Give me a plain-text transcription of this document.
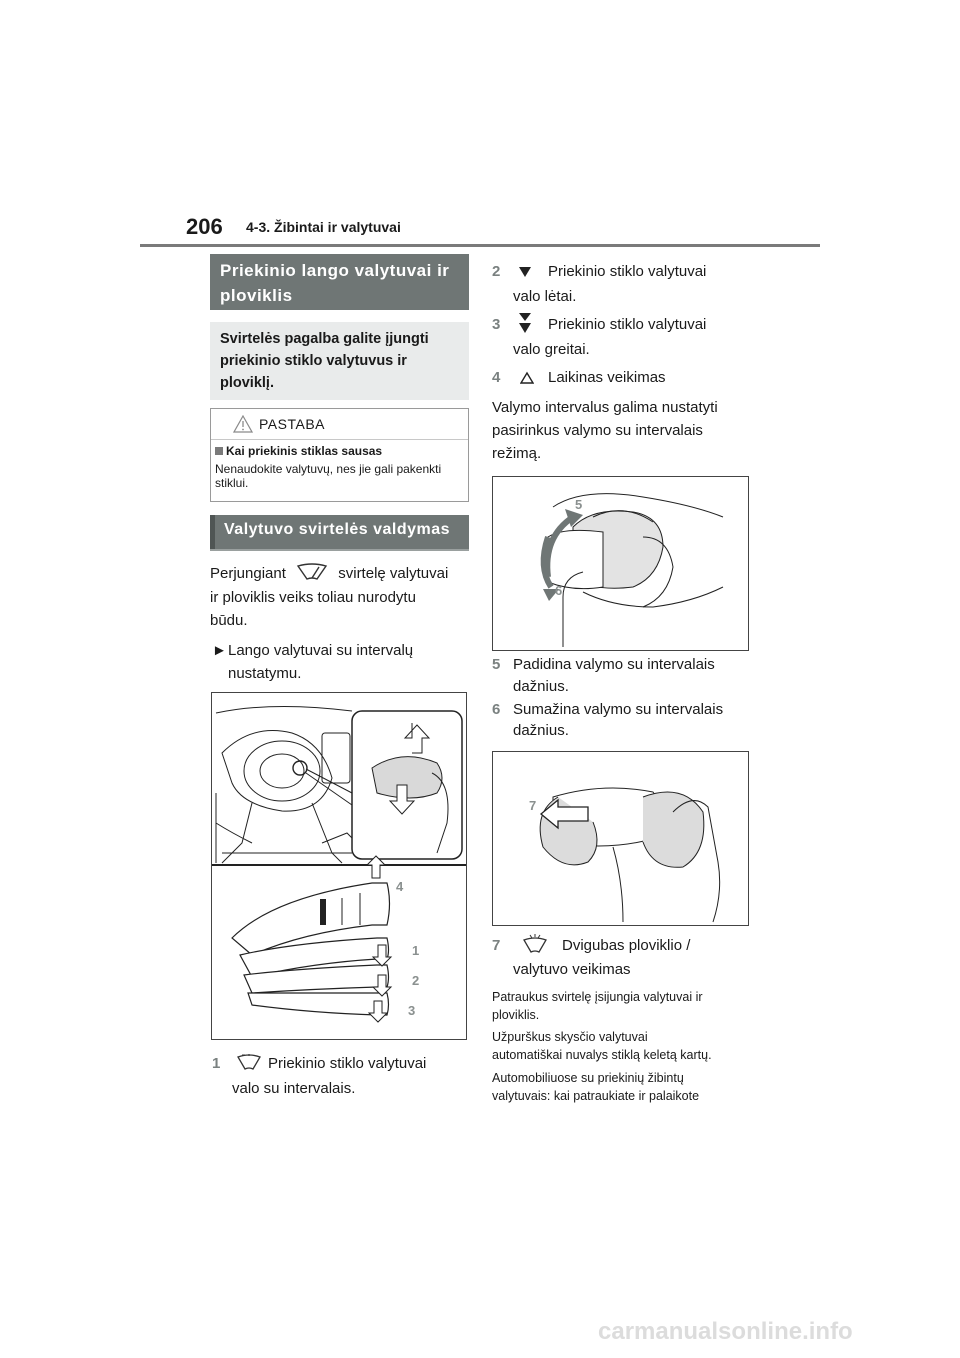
206 4-3. Žibintai ir valytuvai
Priekinio lango valytuvai ir ploviklis
Svirtelės pagalba galite įjungti priekinio stiklo valytuvus ir ploviklį.
PASTABA
Kai priekinis stiklas sausas
Nenaudokite valytuvų, nes jie gali pakenkti stiklui.
Valytuvo svirtelės valdymas
Perjungiant	svirtelę valytuvai
ir ploviklis veiks toliau nurodytu
būdu.
► Lango valytuvai su intervalų
nustatymu.
4
1
2
3
1	Priekinio stiklo valytuvai
valo su intervalais.
2	Priekinio stiklo valytuvai
valo lėtai.
3	Priekinio stiklo valytuvai
valo greitai.
4	Laikinas veikimas
Valymo intervalus galima nustatyti
pasirinkus valymo su intervalais
režimą.
5
6
5 Padidina valymo su intervalais
dažnius.
6 Sumažina valymo su intervalais
dažnius.
7
7	Dvigubas ploviklio /
valytuvo veikimas
Patraukus svirtelę įsijungia valytuvai ir
ploviklis.
Užpurškus skysčio valytuvai
automatiškai nuvalys stiklą keletą kartų.
Automobiliuose su priekinių žibintų
valytuvais: kai patraukiate ir palaikote
carmanualsonline.info
